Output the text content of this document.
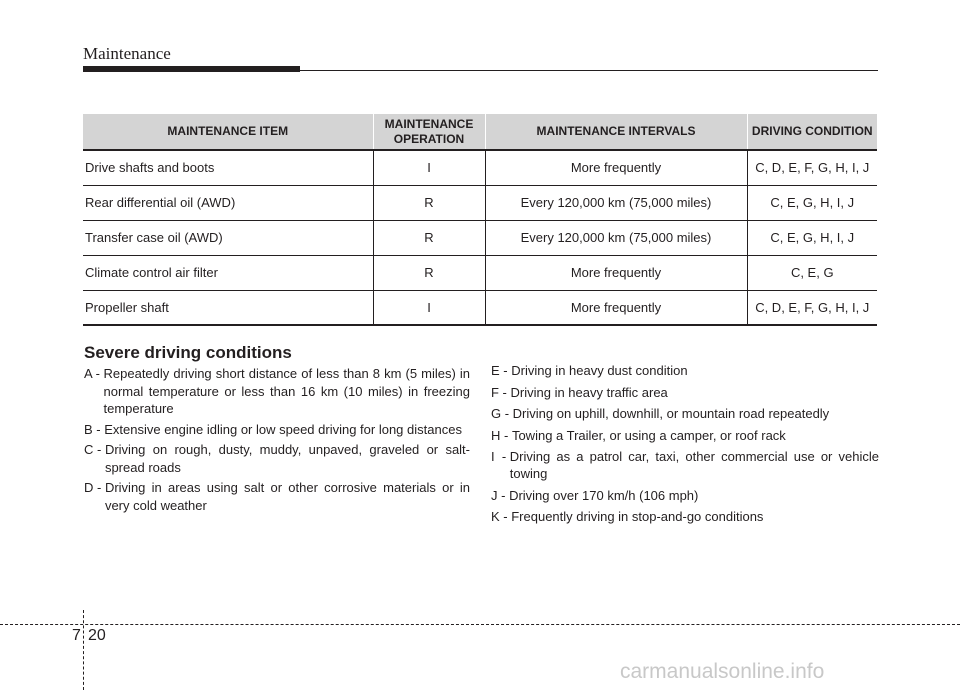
Maintenance
MAINTENANCE ITEM	MAINTENANCE OPERATION	MAINTENANCE INTERVALS	DRIVING CONDITION
Drive shafts and boots	I	More frequently	C, D, E, F, G, H, I, J
Rear differential oil (AWD)	R	Every 120,000 km (75,000 miles)	C, E, G, H, I, J
Transfer case oil (AWD)	R	Every 120,000 km (75,000 miles)	C, E, G, H, I, J
Climate control air filter	R	More frequently	C, E, G
Propeller shaft	I	More frequently	C, D, E, F, G, H, I, J
Severe driving conditions
A - Repeatedly driving short distance of less than 8 km (5 miles) in normal temperature or less than 16 km (10 miles) in freezing temperature
B - Extensive engine idling or low speed driving for long distances
C - Driving on rough, dusty, muddy, unpaved, graveled or salt-spread roads
D - Driving in areas using salt or other corrosive materials or in very cold weather
E - Driving in heavy dust condition
F - Driving in heavy traffic area
G - Driving on uphill, downhill, or mountain road repeatedly
H - Towing a Trailer, or using a camper, or roof rack
I  - Driving as a patrol car, taxi, other commercial use or vehicle towing
J - Driving over 170 km/h (106 mph)
K - Frequently driving in stop-and-go conditions
7 20
carmanualsonline.info
